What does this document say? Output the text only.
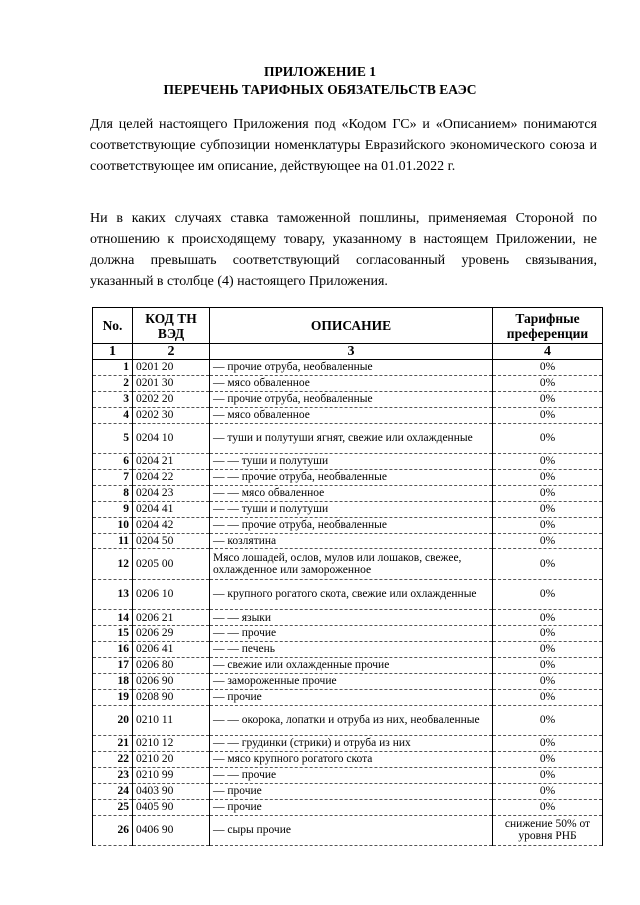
ПРИЛОЖЕНИЕ 1
ПЕРЕЧЕНЬ ТАРИФНЫХ ОБЯЗАТЕЛЬСТВ ЕАЭС
Для целей настоящего Приложения под «Кодом ГС» и «Описанием» понимаются соответствующие субпозиции номенклатуры Евразийского экономического союза и соответствующее им описание, действующее на 01.01.2022 г.
Ни в каких случаях ставка таможенной пошлины, применяемая Стороной по отношению к происходящему товару, указанному в настоящем Приложении, не должна превышать соответствующий согласованный уровень связывания, указанный в столбце (4) настоящего Приложения.
No.	КОД ТН ВЭД	ОПИСАНИЕ	Тарифные преференции
1	2	3	4
1	0201 20	— прочие отруба, необваленные	0%
2	0201 30	— мясо обваленное	0%
3	0202 20	— прочие отруба, необваленные	0%
4	0202 30	— мясо обваленное	0%
5	0204 10	— туши и полутуши ягнят, свежие или охлажденные	0%
6	0204 21	— — туши и полутуши	0%
7	0204 22	— — прочие отруба, необваленные	0%
8	0204 23	— — мясо обваленное	0%
9	0204 41	— — туши и полутуши	0%
10	0204 42	— — прочие отруба, необваленные	0%
11	0204 50	— козлятина	0%
12	0205 00	Мясо лошадей, ослов, мулов или лошаков, свежее, охлажденное или замороженное	0%
13	0206 10	— крупного рогатого скота, свежие или охлажденные	0%
14	0206 21	— — языки	0%
15	0206 29	— — прочие	0%
16	0206 41	— — печень	0%
17	0206 80	— свежие или охлажденные прочие	0%
18	0206 90	— замороженные прочие	0%
19	0208 90	— прочие	0%
20	0210 11	— — окорока, лопатки и отруба из них, необваленные	0%
21	0210 12	— — грудинки (стрики) и отруба из них	0%
22	0210 20	— мясо крупного рогатого скота	0%
23	0210 99	— — прочие	0%
24	0403 90	— прочие	0%
25	0405 90	— прочие	0%
26	0406 90	— сыры прочие	снижение 50% от уровня РНБ
